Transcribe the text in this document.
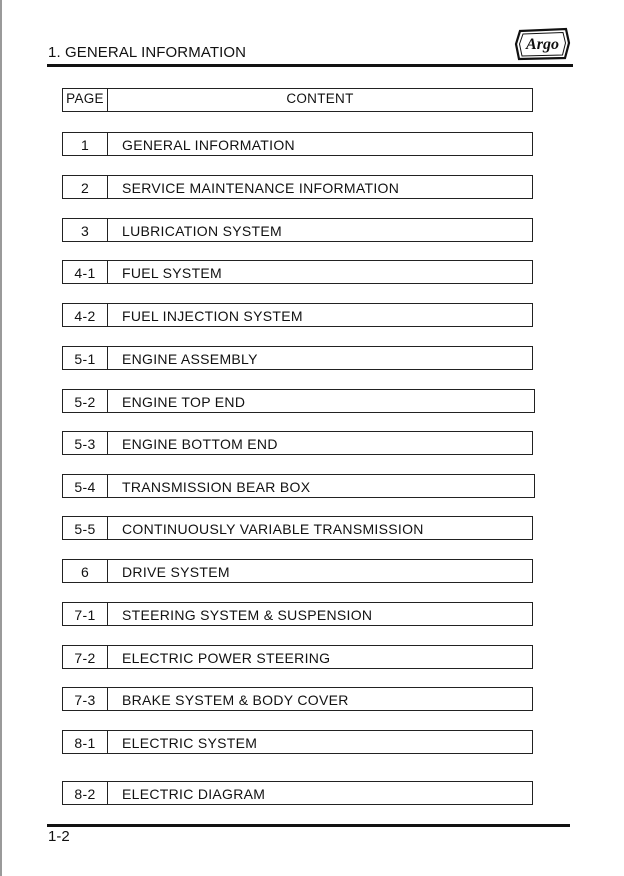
1. GENERAL INFORMATION	Argo
PAGE	CONTENT
1	GENERAL INFORMATION
2	SERVICE MAINTENANCE INFORMATION
3	LUBRICATION SYSTEM
4-1	FUEL SYSTEM
4-2	FUEL INJECTION SYSTEM
5-1	ENGINE ASSEMBLY
5-2	ENGINE TOP END
5-3	ENGINE BOTTOM END
5-4	TRANSMISSION BEAR BOX
5-5	CONTINUOUSLY VARIABLE TRANSMISSION
6	DRIVE SYSTEM
7-1	STEERING SYSTEM & SUSPENSION
7-2	ELECTRIC POWER STEERING
7-3	BRAKE SYSTEM & BODY COVER
8-1	ELECTRIC SYSTEM
8-2	ELECTRIC DIAGRAM
1-2
